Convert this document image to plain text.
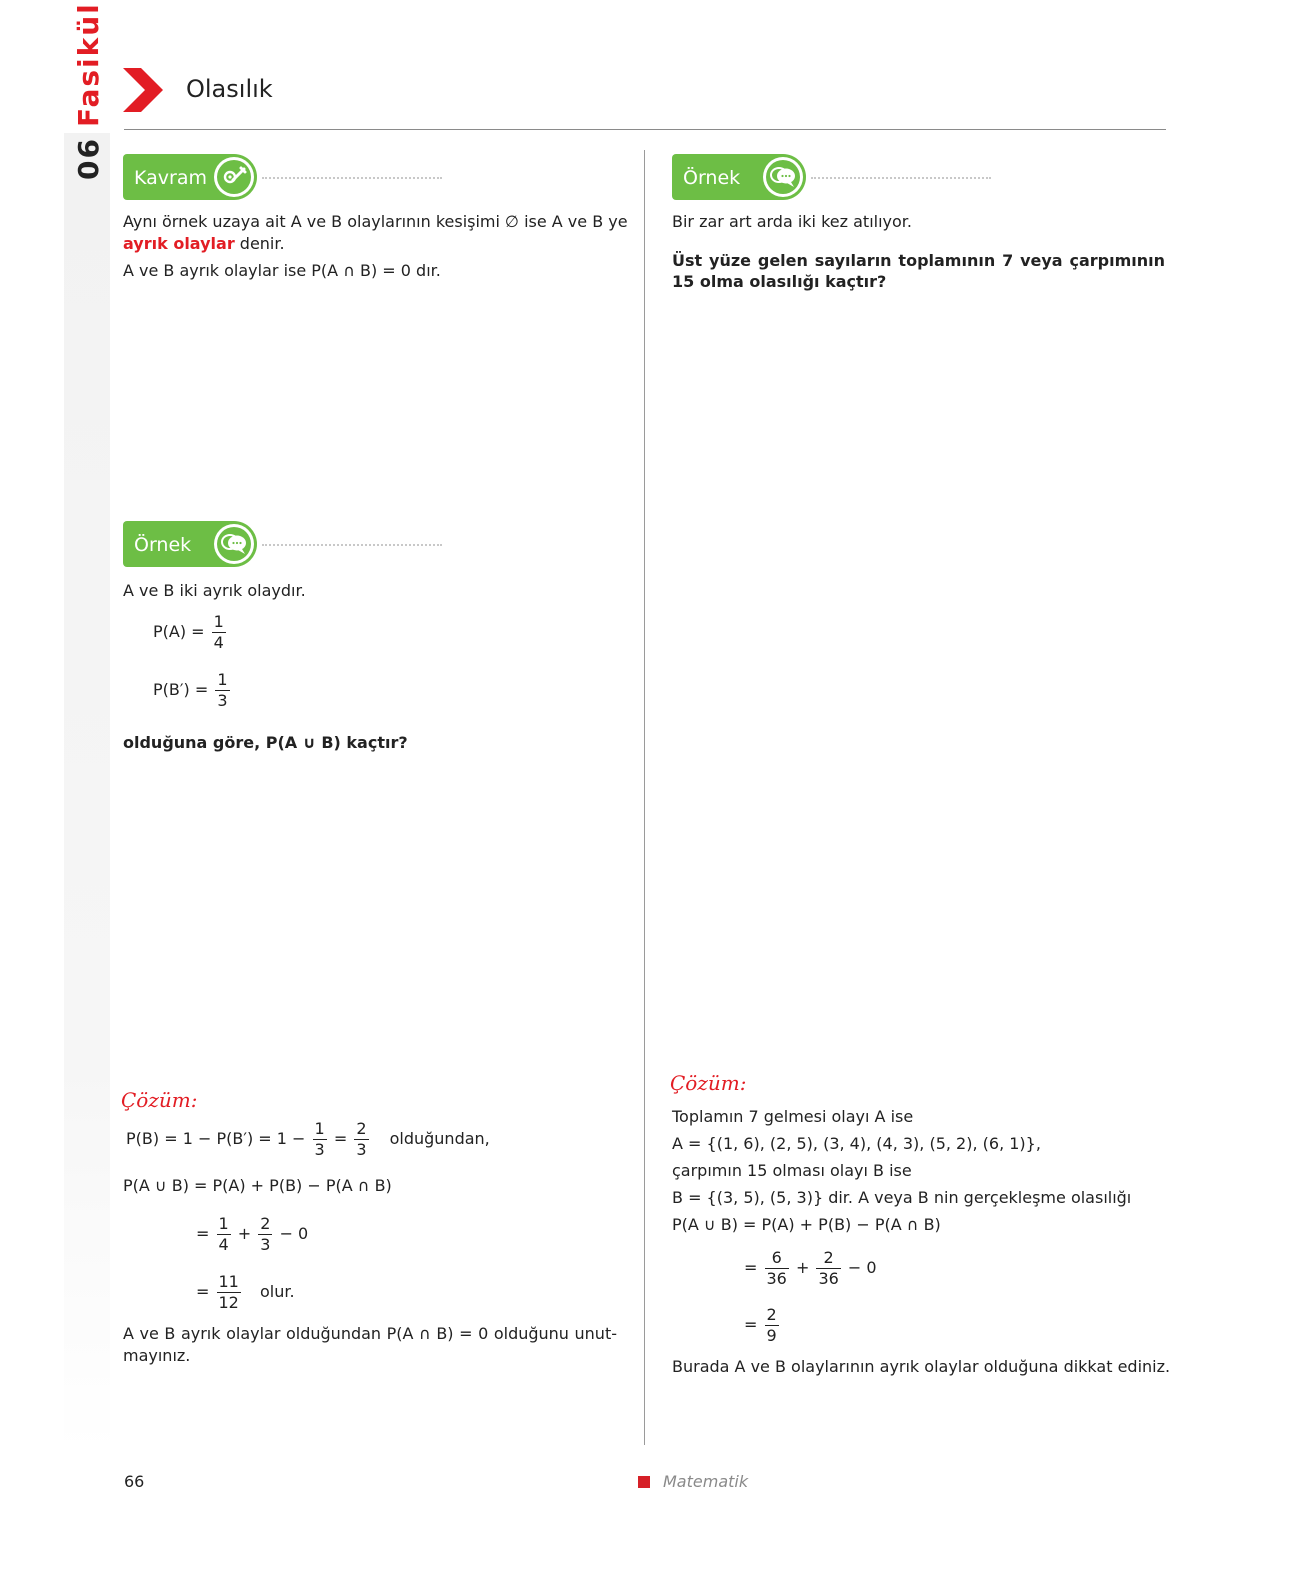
Olasılık
06Fasikül
Kavram
Aynı örnek uzaya ait A ve B olaylarının kesişimi ∅ ise A ve B ye
ayrık olaylar denir.
A ve B ayrık olaylar ise P(A ∩ B) = 0 dır.
Örnek
A ve B iki ayrık olaydır.
$P(A) = \frac{1}{4}$
$P(B') = \frac{1}{3}$
olduğuna göre, P(A ∪ B) kaçtır?
Çözüm:
$P(B) = 1 - P(B') = 1 - \frac{1}{3} = \frac{2}{3}$ olduğundan,
P(A ∪ B) = P(A) + P(B) − P(A ∩ B)
= $\frac{1}{4} + \frac{2}{3} - 0$
= $\frac{11}{12}$ olur.
A ve B ayrık olaylar olduğundan P(A ∩ B) = 0 olduğunu unut-
mayınız.
Örnek
Bir zar art arda iki kez atılıyor.
Üst yüze gelen sayıların toplamının 7 veya çarpımının
15 olma olasılığı kaçtır?
Çözüm:
Toplamın 7 gelmesi olayı A ise
A = {(1, 6), (2, 5), (3, 4), (4, 3), (5, 2), (6, 1)},
çarpımın 15 olması olayı B ise
B = {(3, 5), (5, 3)} dir. A veya B nin gerçekleşme olasılığı
P(A ∪ B) = P(A) + P(B) − P(A ∩ B)
= $\frac{6}{36} + \frac{2}{36} - 0$
= $\frac{2}{9}$
Burada A ve B olaylarının ayrık olaylar olduğuna dikkat ediniz.
66	Matematik
